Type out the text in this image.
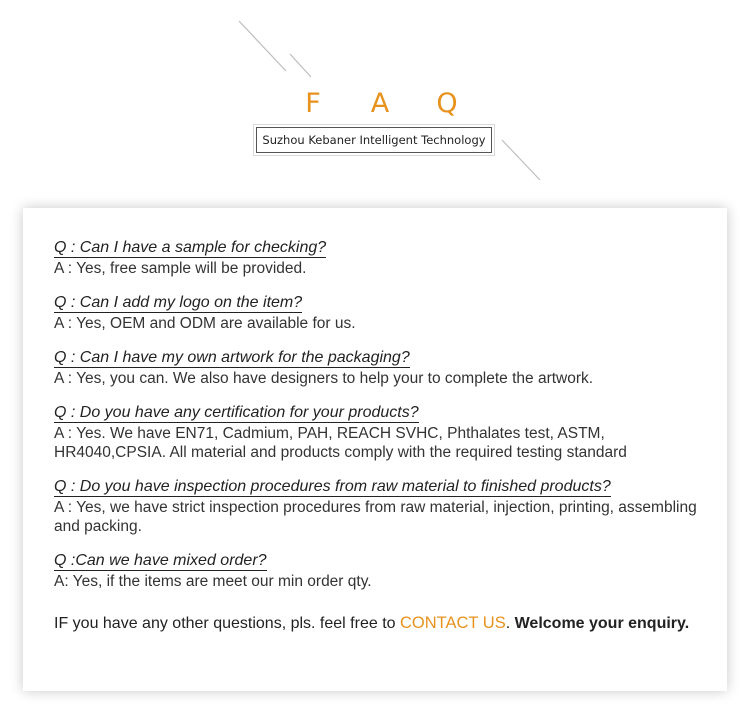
F A Q
Suzhou Kebaner Intelligent Technology
Q : Can I have a sample for checking?
A : Yes, free sample will be provided.
Q : Can I add my logo on the item?
A : Yes, OEM and ODM are available for us.
Q : Can I have my own artwork for the packaging?
A : Yes, you can. We also have designers to help your to complete the artwork.
Q : Do you have any certification for your products?
A : Yes. We have EN71, Cadmium, PAH, REACH SVHC, Phthalates test, ASTM, HR4040,CPSIA. All material and products comply with the required testing standard
Q : Do you have inspection procedures from raw material to finished products?
A : Yes, we have strict inspection procedures from raw material, injection, printing, assembling and packing.
Q :Can we have mixed order?
A: Yes, if the items are meet our min order qty.
IF you have any other questions, pls. feel free to CONTACT US. Welcome your enquiry.
